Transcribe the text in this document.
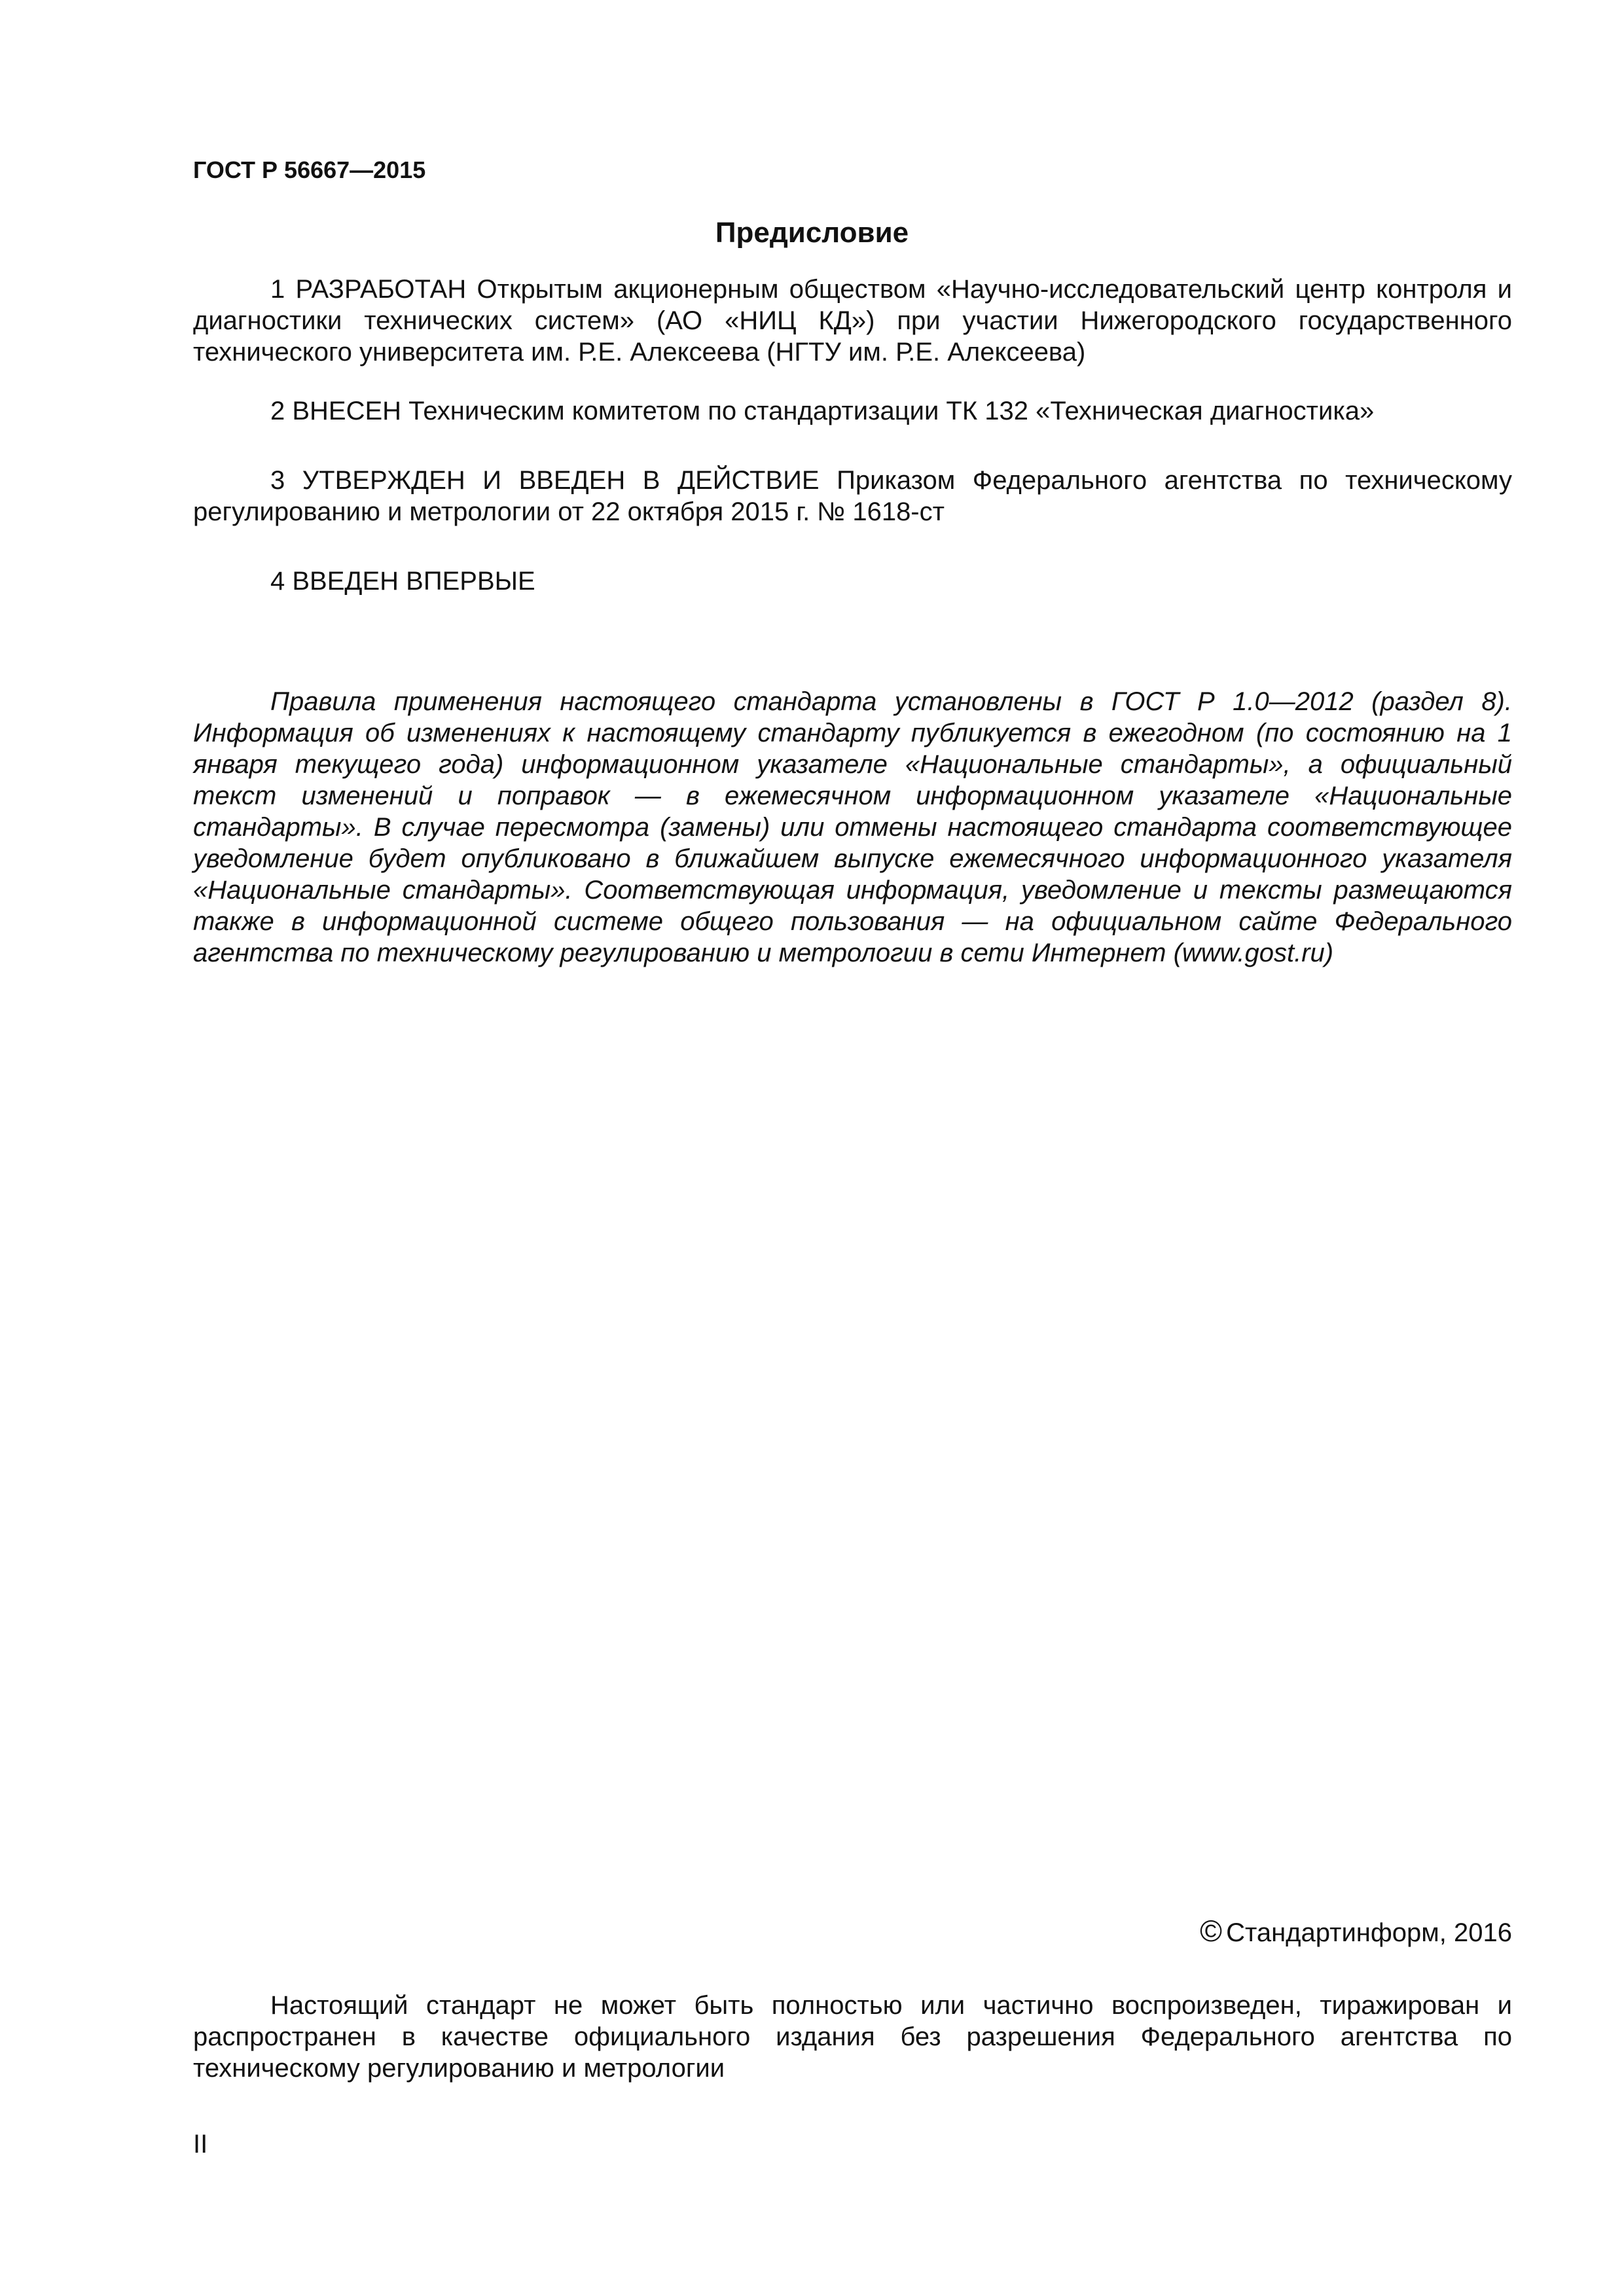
ГОСТ Р 56667—2015
Предисловие

1 РАЗРАБОТАН Открытым акционерным обществом «Научно-исследовательский центр контроля и диагностики технических систем» (АО «НИЦ КД») при участии Нижегородского государственного технического университета им. Р.Е. Алексеева (НГТУ им. Р.Е. Алексеева)

2 ВНЕСЕН Техническим комитетом по стандартизации ТК 132 «Техническая диагностика»

3 УТВЕРЖДЕН И ВВЕДЕН В ДЕЙСТВИЕ Приказом Федерального агентства по техническому регулированию и метрологии от 22 октября 2015 г. № 1618-ст

4 ВВЕДЕН ВПЕРВЫЕ

Правила применения настоящего стандарта установлены в ГОСТ Р 1.0—2012 (раздел 8). Информация об изменениях к настоящему стандарту публикуется в ежегодном (по состоянию на 1 января текущего года) информационном указателе «Национальные стандарты», а официальный текст изменений и поправок — в ежемесячном информационном указателе «Национальные стандарты». В случае пересмотра (замены) или отмены настоящего стандарта соответствующее уведомление будет опубликовано в ближайшем выпуске ежемесячного информационного указателя «Национальные стандарты». Соответствующая информация, уведомление и тексты размещаются также в информационной системе общего пользования — на официальном сайте Федерального агентства по техническому регулированию и метрологии в сети Интернет (www.gost.ru)

© Стандартинформ, 2016

Настоящий стандарт не может быть полностью или частично воспроизведен, тиражирован и распространен в качестве официального издания без разрешения Федерального агентства по техническому регулированию и метрологии

II
